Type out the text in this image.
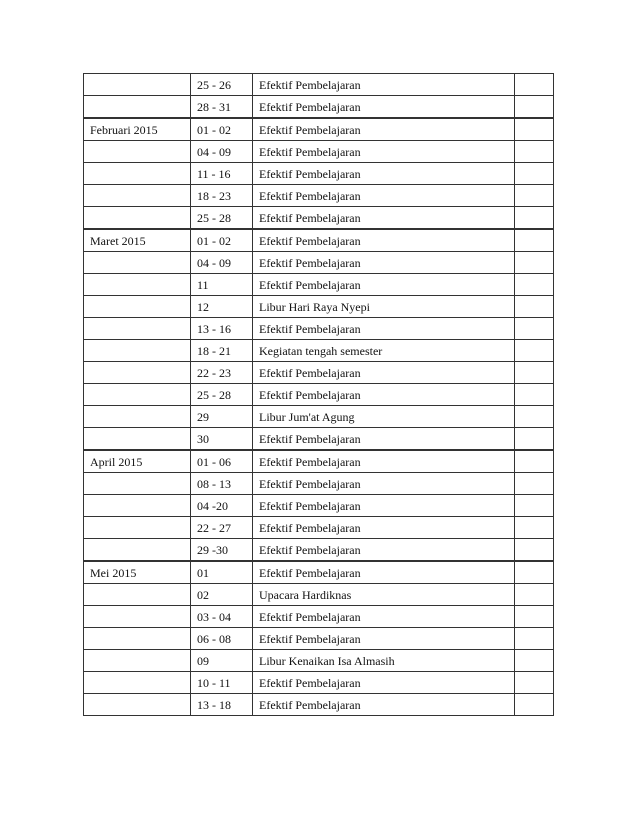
	25 - 26	Efektif Pembelajaran	
	28 - 31	Efektif Pembelajaran	
Februari 2015	01 - 02	Efektif Pembelajaran	
	04 - 09	Efektif Pembelajaran	
	11 - 16	Efektif Pembelajaran	
	18 - 23	Efektif Pembelajaran	
	25 - 28	Efektif Pembelajaran	
Maret 2015	01 - 02	Efektif Pembelajaran	
	04 - 09	Efektif Pembelajaran	
	11	Efektif Pembelajaran	
	12	Libur Hari Raya Nyepi	
	13 - 16	Efektif Pembelajaran	
	18 - 21	Kegiatan tengah semester	
	22 - 23	Efektif Pembelajaran	
	25 - 28	Efektif Pembelajaran	
	29	Libur Jum'at Agung	
	30	Efektif Pembelajaran	
April 2015	01 - 06	Efektif Pembelajaran	
	08 - 13	Efektif Pembelajaran	
	04 -20	Efektif Pembelajaran	
	22 - 27	Efektif Pembelajaran	
	29 -30	Efektif Pembelajaran	
Mei 2015	01	Efektif Pembelajaran	
	02	Upacara Hardiknas	
	03 - 04	Efektif Pembelajaran	
	06 - 08	Efektif Pembelajaran	
	09	Libur Kenaikan Isa Almasih	
	10 - 11	Efektif Pembelajaran	
	13 - 18	Efektif Pembelajaran	
